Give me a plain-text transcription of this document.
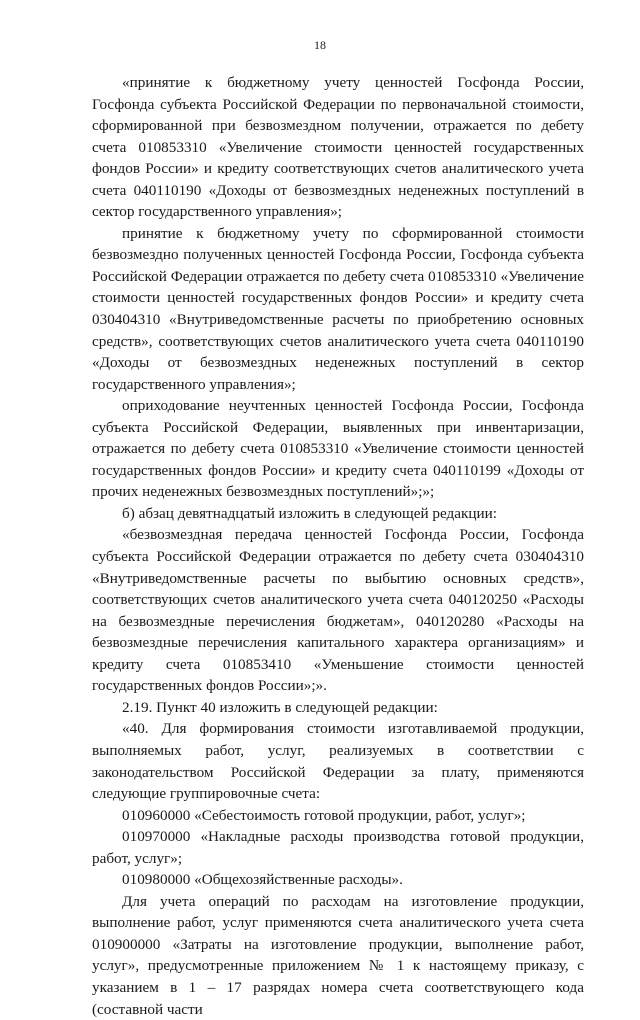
18

«принятие к бюджетному учету ценностей Госфонда России, Госфонда субъекта Российской Федерации по первоначальной стоимости, сформированной при безвозмездном получении, отражается по дебету счета 010853310 «Увеличение стоимости ценностей государственных фондов России» и кредиту соответствующих счетов аналитического учета счета 040110190 «Доходы от безвозмездных неденежных поступлений в сектор государственного управления»;

принятие к бюджетному учету по сформированной стоимости безвозмездно полученных ценностей Госфонда России, Госфонда субъекта Российской Федерации отражается по дебету счета 010853310 «Увеличение стоимости ценностей государственных фондов России» и кредиту счета 030404310 «Внутриведомственные расчеты по приобретению основных средств», соответствующих счетов аналитического учета счета 040110190 «Доходы от безвозмездных неденежных поступлений в сектор государственного управления»;

оприходование неучтенных ценностей Госфонда России, Госфонда субъекта Российской Федерации, выявленных при инвентаризации, отражается по дебету счета 010853310 «Увеличение стоимости ценностей государственных фондов России» и кредиту счета 040110199 «Доходы от прочих неденежных безвозмездных поступлений»;»;

б) абзац девятнадцатый изложить в следующей редакции:

«безвозмездная передача ценностей Госфонда России, Госфонда субъекта Российской Федерации отражается по дебету счета 030404310 «Внутриведомственные расчеты по выбытию основных средств», соответствующих счетов аналитического учета счета 040120250 «Расходы на безвозмездные перечисления бюджетам», 040120280 «Расходы на безвозмездные перечисления капитального характера организациям» и кредиту счета 010853410 «Уменьшение стоимости ценностей государственных фондов России»;».

2.19. Пункт 40 изложить в следующей редакции:

«40. Для формирования стоимости изготавливаемой продукции, выполняемых работ, услуг, реализуемых в соответствии с законодательством Российской Федерации за плату, применяются следующие группировочные счета:

010960000 «Себестоимость готовой продукции, работ, услуг»;

010970000 «Накладные расходы производства готовой продукции, работ, услуг»;

010980000 «Общехозяйственные расходы».

Для учета операций по расходам на изготовление продукции, выполнение работ, услуг применяются счета аналитического учета счета 010900000 «Затраты на изготовление продукции, выполнение работ, услуг», предусмотренные приложением № 1 к настоящему приказу, с указанием в 1 – 17 разрядах номера счета соответствующего кода (составной части
